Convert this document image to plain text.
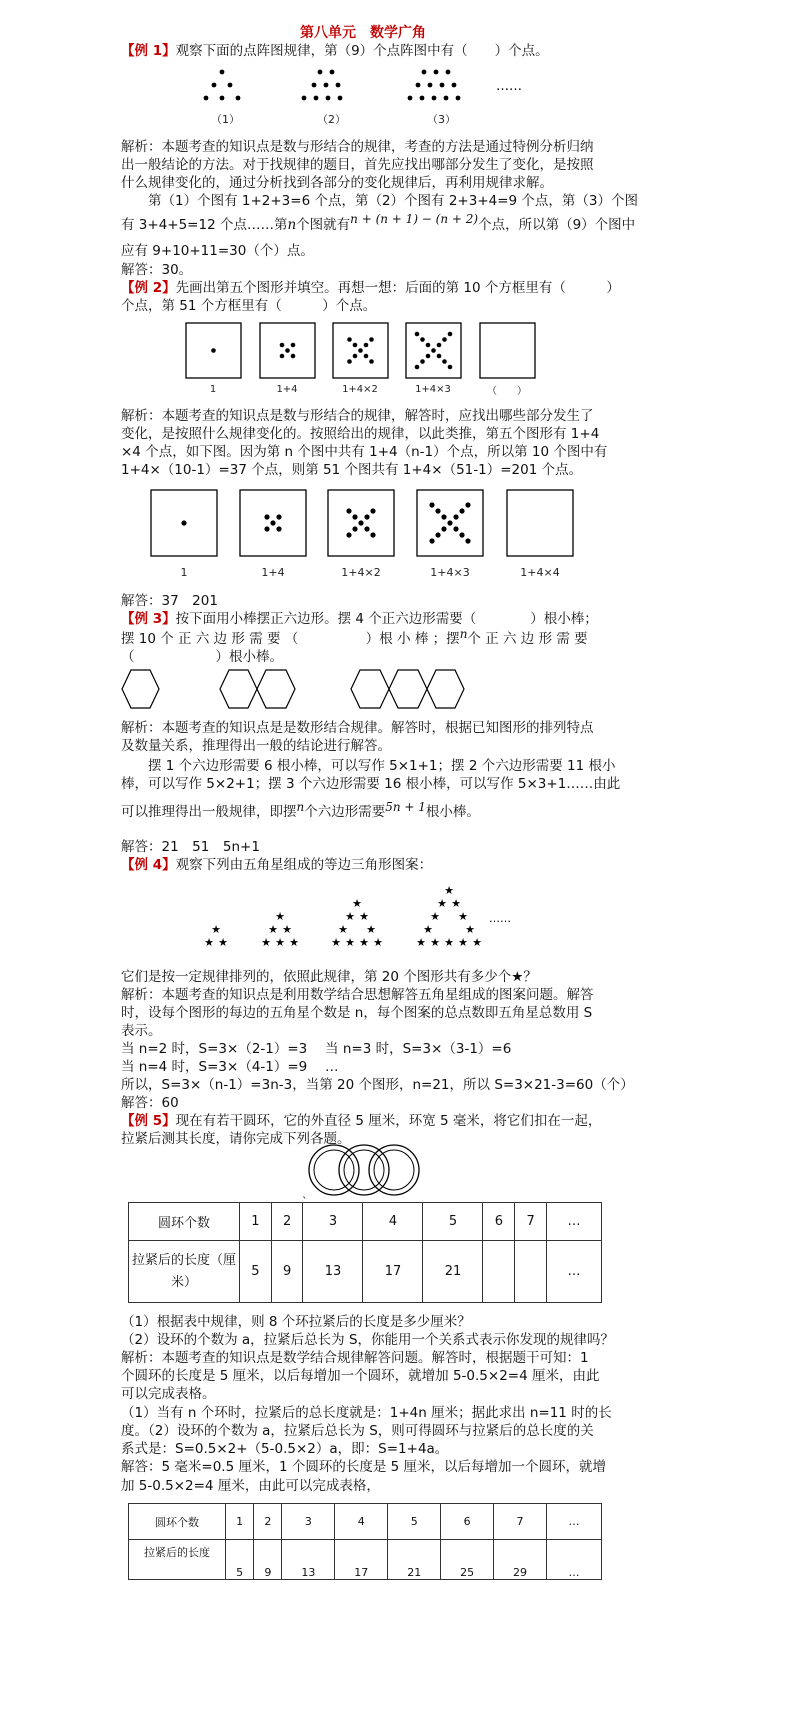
第八单元　数学广角
【例 1】观察下面的点阵图规律，第（9）个点阵图中有（　　）个点。
（1）	（2）	（3）
……
解析：本题考查的知识点是数与形结合的规律，考查的方法是通过特例分析归纳
出一般结论的方法。对于找规律的题目，首先应找出哪部分发生了变化，是按照
什么规律变化的，通过分析找到各部分的变化规律后，再利用规律求解。
第（1）个图有 1+2+3=6 个点，第（2）个图有 2+3+4=9 个点，第（3）个图
有 3+4+5=12 个点……第n个图就有n + (n + 1) − (n + 2)个点，所以第（9）个图中
应有 9+10+11=30（个）点。
解答：30。
【例 2】先画出第五个图形并填空。再想一想：后面的第 10 个方框里有（　　　）
个点，第 51 个方框里有（　　　）个点。
1	1+4	1+4×2	1+4×3	（　　）
解析：本题考查的知识点是数与形结合的规律，解答时，应找出哪些部分发生了
变化，是按照什么规律变化的。按照给出的规律，以此类推，第五个图形有 1+4
×4 个点，如下图。因为第 n 个图中共有 1+4（n-1）个点，所以第 10 个图中有
1+4×（10-1）=37 个点，则第 51 个图共有 1+4×（51-1）=201 个点。
1	1+4	1+4×2	1+4×3	1+4×4
解答：37　201
【例 3】按下面用小棒摆正六边形。摆 4 个正六边形需要（　　　　）根小棒；
摆 10 个 正 六 边 形 需 要 （　　　　　）根 小 棒 ；摆n个 正 六 边 形 需 要
（　　　　　　）根小棒。
解析：本题考查的知识点是是数形结合规律。解答时，根据已知图形的排列特点
及数量关系，推理得出一般的结论进行解答。
摆 1 个六边形需要 6 根小棒，可以写作 5×1+1；摆 2 个六边形需要 11 根小
棒，可以写作 5×2+1；摆 3 个六边形需要 16 根小棒，可以写作 5×3+1……由此
可以推理得出一般规律，即摆n个六边形需要5n + 1根小棒。
解答：21　51　5n+1
【例 4】观察下列由五角星组成的等边三角形图案：
★
★ ★
★
★ ★
★ ★ ★
★
★ ★
★ ★
★ ★ ★ ★
★
★ ★
★ ★
★	★
★ ★ ★ ★ ★
……
它们是按一定规律排列的，依照此规律，第 20 个图形共有多少个★？
解析：本题考查的知识点是利用数学结合思想解答五角星组成的图案问题。解答
时，设每个图形的每边的五角星个数是 n，每个图案的总点数即五角星总数用 S
表示。
当 n=2 时，S=3×（2-1）=3　 当 n=3 时，S=3×（3-1）=6
当 n=4 时，S=3×（4-1）=9　 …
所以，S=3×（n-1）=3n-3，当第 20 个图形，n=21，所以 S=3×21-3=60（个）
解答：60
【例 5】现在有若干圆环，它的外直径 5 厘米，环宽 5 毫米，将它们扣在一起，
拉紧后测其长度，请你完成下列各题。
ˎ
圆环个数	1	2	3	4	5	6	7	…
拉紧后的长度（厘
米）	5	9	13	17	21			…
（1）根据表中规律，则 8 个环拉紧后的长度是多少厘米？
（2）设环的个数为 a，拉紧后总长为 S，你能用一个关系式表示你发现的规律吗？
解析：本题考查的知识点是数学结合规律解答问题。解答时，根据题干可知：1
个圆环的长度是 5 厘米，以后每增加一个圆环，就增加 5-0.5×2=4 厘米，由此
可以完成表格。
（1）当有 n 个环时，拉紧后的总长度就是：1+4n 厘米；据此求出 n=11 时的长
度。（2）设环的个数为 a，拉紧后总长为 S，则可得圆环与拉紧后的总长度的关
系式是：S=0.5×2+（5-0.5×2）a，即：S=1+4a。
解答：5 毫米=0.5 厘米，1 个圆环的长度是 5 厘米，以后每增加一个圆环，就增
加 5-0.5×2=4 厘米，由此可以完成表格，
圆环个数	1	2	3	4	5	6	7	…
拉紧后的长度	5	9	13	17	21	25	29	…
